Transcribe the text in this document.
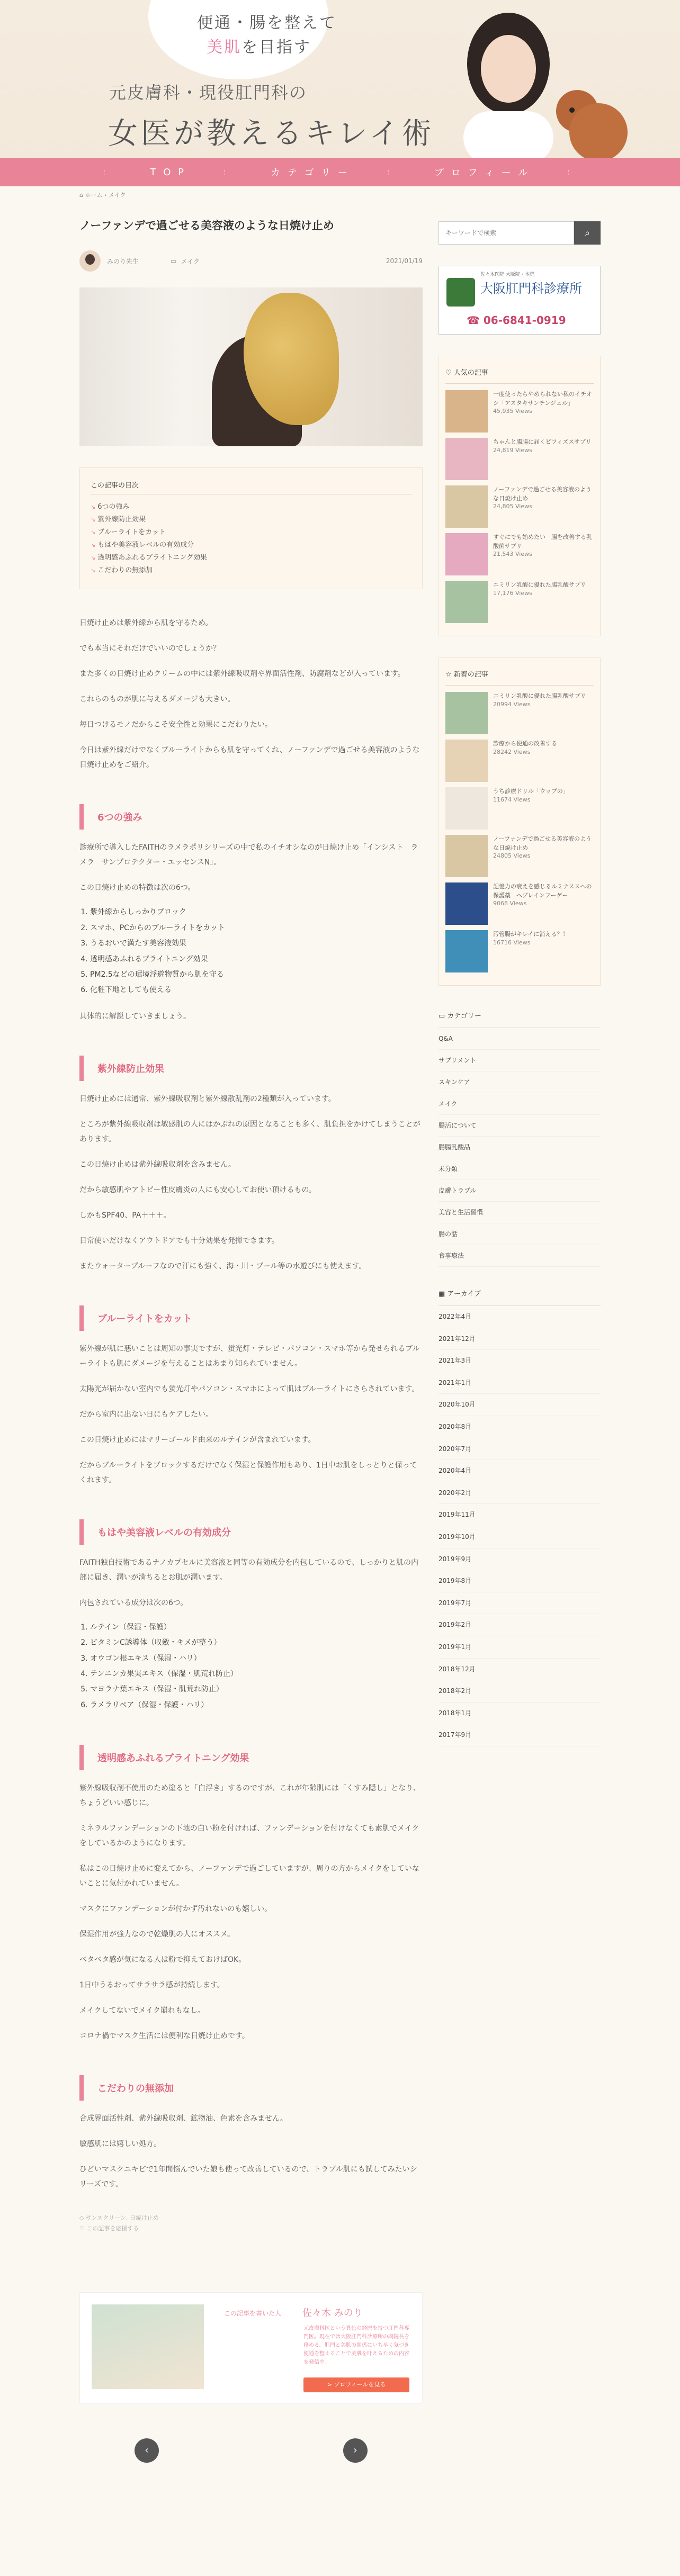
便通・腸を整えて
美肌を目指す
元皮膚科・現役肛門科の
女医が教えるキレイ術
：	T O P	：	カ テ ゴ リ ー	：	プ ロ フ ィ ー ル	：
⌂ ホーム › メイク
ノーファンデで過ごせる美容液のような日焼け止め
みのり先生	▭ メイク	2021/01/19
この記事の目次
↘ 6つの強み
↘ 紫外線防止効果
↘ ブルーライトをカット
↘ もはや美容液レベルの有効成分
↘ 透明感あふれるブライトニング効果
↘ こだわりの無添加

日焼け止めは紫外線から肌を守るため。

でも本当にそれだけでいいのでしょうか？

また多くの日焼け止めクリームの中には紫外線吸収剤や界面活性剤、防腐剤などが入っています。

これらのものが肌に与えるダメージも大きい。

毎日つけるモノだからこそ安全性と効果にこだわりたい。

今日は紫外線だけでなくブルーライトからも肌を守ってくれ、ノーファンデで過ごせる美容液のような日焼け止めをご紹介。

6つの強み

診療所で導入したFAITHのラメラポリシリーズの中で私のイチオシなのが日焼け止め「インシスト　ラメラ　サンプロテクター・エッセンスN」。

この日焼け止めの特徴は次の6つ。

1. 紫外線からしっかりブロック
2. スマホ、PCからのブルーライトをカット
3. うるおいで満たす美容液効果
4. 透明感あふれるブライトニング効果
5. PM2.5などの環境浮遊物質から肌を守る
6. 化粧下地としても使える

具体的に解説していきましょう。

紫外線防止効果

日焼け止めには通常、紫外線吸収剤と紫外線散乱剤の2種類が入っています。

ところが紫外線吸収剤は敏感肌の人にはかぶれの原因となることも多く、肌負担をかけてしまうことがあります。

この日焼け止めは紫外線吸収剤を含みません。

だから敏感肌やアトピー性皮膚炎の人にも安心してお使い頂けるもの。

しかもSPF40、PA＋＋＋。

日常使いだけなくアウトドアでも十分効果を発揮できます。

またウォータープルーフなので汗にも強く、海・川・プール等の水遊びにも使えます。

ブルーライトをカット

紫外線が肌に悪いことは周知の事実ですが、蛍光灯・テレビ・パソコン・スマホ等から発せられるブルーライトも肌にダメージを与えることはあまり知られていません。

太陽光が届かない室内でも蛍光灯やパソコン・スマホによって肌はブルーライトにさらされています。

だから室内に出ない日にもケアしたい。

この日焼け止めにはマリーゴールド由来のルテインが含まれています。

だからブルーライトをブロックするだけでなく保湿と保護作用もあり、1日中お肌をしっとりと保ってくれます。

もはや美容液レベルの有効成分

FAITH独自技術であるナノカプセルに美容液と同等の有効成分を内包しているので、しっかりと肌の内部に届き、潤いが満ちるとお肌が潤います。

内包されている成分は次の6つ。

1. ルテイン（保湿・保護）
2. ビタミンC誘導体（収斂・キメが整う）
3. オウゴン根エキス（保湿・ハリ）
4. テンニンカ果実エキス（保湿・肌荒れ防止）
5. マヨラナ葉エキス（保湿・肌荒れ防止）
6. ラメラリペア（保湿・保護・ハリ）
透明感あふれるブライトニング効果

紫外線吸収剤不使用のため塗ると「白浮き」するのですが、これが年齢肌には「くすみ隠し」となり、ちょうどいい感じに。

ミネラルファンデーションの下地の白い粉を付ければ、ファンデーションを付けなくても素肌でメイクをしているかのようになります。

私はこの日焼け止めに変えてから、ノーファンデで過ごしていますが、周りの方からメイクをしていないことに気付かれていません。

マスクにファンデーションが付かず汚れないのも嬉しい。

保湿作用が強力なので乾燥肌の人にオススメ。

ベタベタ感が気になる人は粉で抑えておけばOK。

1日中うるおってサラサラ感が持続します。

メイクしてないでメイク崩れもなし。

コロナ禍でマスク生活には便利な日焼け止めです。

こだわりの無添加

合成界面活性剤、紫外線吸収剤、鉱物油、色素を含みません。

敏感肌には嬉しい処方。

ひどいマスクニキビで1年間悩んでいた娘も使って改善しているので、トラブル肌にも試してみたいシリーズです。

◇ サンスクリーン, 日焼け止め
♡ この記事を応援する
この記事を書いた人 佐々木 みのり
元皮膚科医という異色の経歴を持つ肛門科専門医。現在では大阪肛門科診療所の副院長を務める。肛門と美肌の関係にいち早く気づき便通を整えることで美肌を叶えるための内容を発信中。
> プロフィールを見る
‹	›
キーワードで検索
⌕
佐々木医院 大阪院・本院
大阪肛門科診療所
☎ 06-6841-0919
♡ 人気の記事
一度使ったらやめられない私のイチオシ「アスタキサンチンジェル」
45,935 Views
ちゃんと腸腸に届くビフィズスサプリ
24,819 Views
ノーファンデで過ごせる美容液のような日焼け止め
24,805 Views
すぐにでも始めたい　腸を改善する乳酸菌サプリ
21,543 Views
エミリン乳酸に優れた腸乳酸サプリ
17,176 Views
☆ 新着の記事
エミリン乳酸に優れた腸乳酸サプリ
20994 Views
診療から便通の改善する
28242 Views
うち診療ドリル「ウップの」
11674 Views
ノーファンデで過ごせる美容液のような日焼け止め
24805 Views
記憶力の衰えを感じるルミナススへの保護薬　ヘブレインフーゲー
9068 Views
汚管腸がキレイに消える？！
16716 Views
▭ カテゴリー
Q&A
サプリメント
スキンケア
メイク
腸活について
腸腸乳酸品
未分類
皮膚トラブル
美容と生活習慣
腸の話
食事療法
▦ アーカイブ
2022年4月
2021年12月
2021年3月
2021年1月
2020年10月
2020年8月
2020年7月
2020年4月
2020年2月
2019年11月
2019年10月
2019年9月
2019年8月
2019年7月
2019年2月
2019年1月
2018年12月
2018年2月
2018年1月
2017年9月
